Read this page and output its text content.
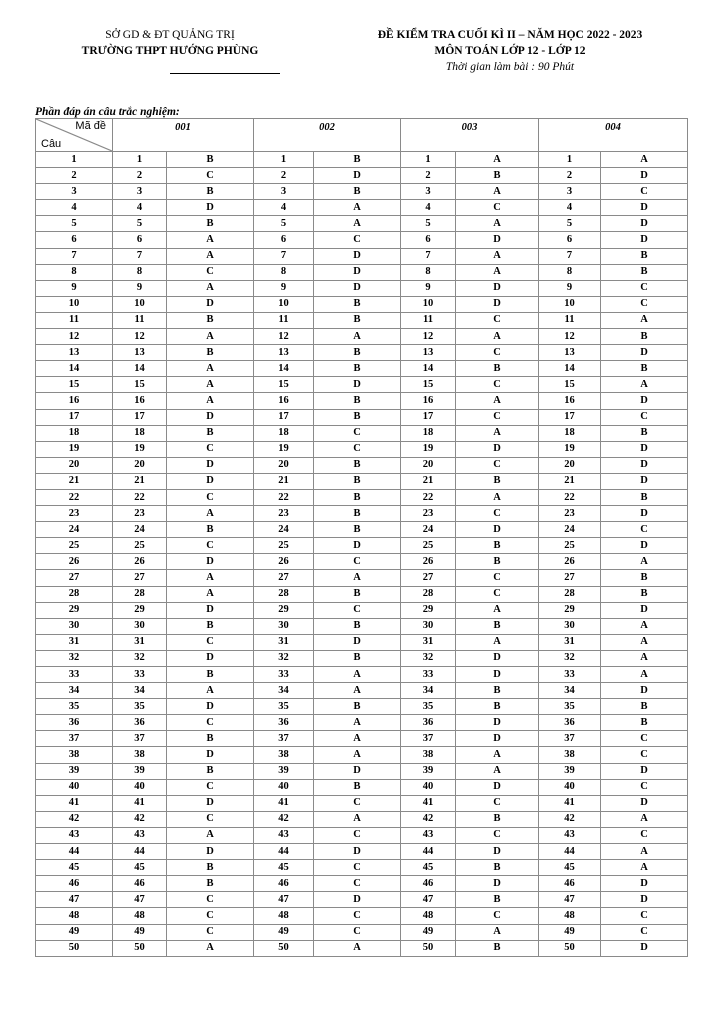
SỞ GD & ĐT QUẢNG TRỊ
TRƯỜNG THPT HƯỚNG PHÙNG
ĐỀ KIỂM TRA CUỐI KÌ II – NĂM HỌC 2022 - 2023
MÔN TOÁN LỚP 12 - LỚP 12
Thời gian làm bài : 90 Phút
Phần đáp án câu trắc nghiệm:
Mã đề
Câu	001		002		003		004	
1	1	B	1	B	1	A	1	A
2	2	C	2	D	2	B	2	D
3	3	B	3	B	3	A	3	C
4	4	D	4	A	4	C	4	D
5	5	B	5	A	5	A	5	D
6	6	A	6	C	6	D	6	D
7	7	A	7	D	7	A	7	B
8	8	C	8	D	8	A	8	B
9	9	A	9	D	9	D	9	C
10	10	D	10	B	10	D	10	C
11	11	B	11	B	11	C	11	A
12	12	A	12	A	12	A	12	B
13	13	B	13	B	13	C	13	D
14	14	A	14	B	14	B	14	B
15	15	A	15	D	15	C	15	A
16	16	A	16	B	16	A	16	D
17	17	D	17	B	17	C	17	C
18	18	B	18	C	18	A	18	B
19	19	C	19	C	19	D	19	D
20	20	D	20	B	20	C	20	D
21	21	D	21	B	21	B	21	D
22	22	C	22	B	22	A	22	B
23	23	A	23	B	23	C	23	D
24	24	B	24	B	24	D	24	C
25	25	C	25	D	25	B	25	D
26	26	D	26	C	26	B	26	A
27	27	A	27	A	27	C	27	B
28	28	A	28	B	28	C	28	B
29	29	D	29	C	29	A	29	D
30	30	B	30	B	30	B	30	A
31	31	C	31	D	31	A	31	A
32	32	D	32	B	32	D	32	A
33	33	B	33	A	33	D	33	A
34	34	A	34	A	34	B	34	D
35	35	D	35	B	35	B	35	B
36	36	C	36	A	36	D	36	B
37	37	B	37	A	37	D	37	C
38	38	D	38	A	38	A	38	C
39	39	B	39	D	39	A	39	D
40	40	C	40	B	40	D	40	C
41	41	D	41	C	41	C	41	D
42	42	C	42	A	42	B	42	A
43	43	A	43	C	43	C	43	C
44	44	D	44	D	44	D	44	A
45	45	B	45	C	45	B	45	A
46	46	B	46	C	46	D	46	D
47	47	C	47	D	47	B	47	D
48	48	C	48	C	48	C	48	C
49	49	C	49	C	49	A	49	C
50	50	A	50	A	50	B	50	D
